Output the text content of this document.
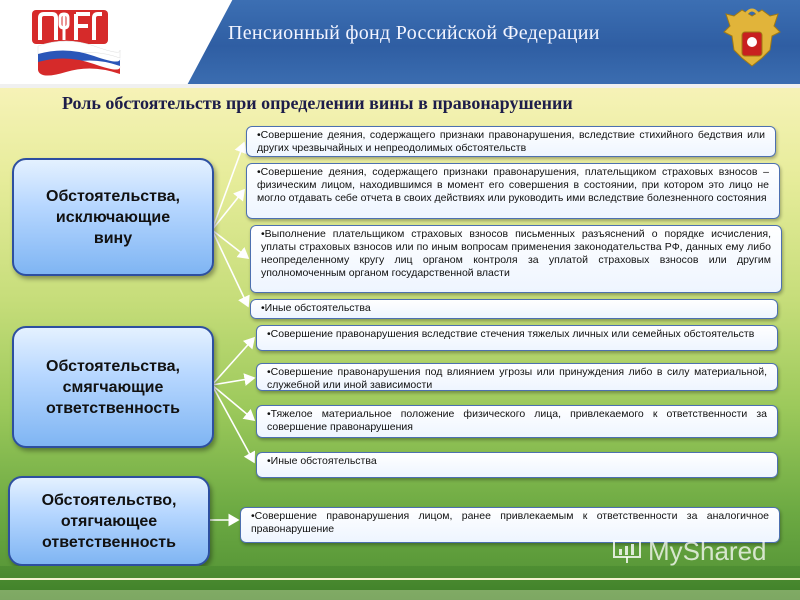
Пенсионный фонд Российской Федерации
Роль обстоятельств при определении вины в правонарушении
Обстоятельства,
исключающие
вину
Обстоятельства,
смягчающие
ответственность
Обстоятельство,
отягчающее
ответственность
•Совершение деяния, содержащего признаки правонарушения, вследствие стихийного бедствия или других чрезвычайных и непреодолимых обстоятельств
•Совершение деяния, содержащего признаки правонарушения, плательщиком страховых взносов – физическим лицом, находившимся в момент его совершения в состоянии, при котором это лицо не могло отдавать себе отчета в своих действиях или руководить ими вследствие болезненного состояния
•Выполнение плательщиком страховых взносов письменных разъяснений о порядке исчисления, уплаты страховых взносов или по иным вопросам применения законодательства РФ, данных ему либо неопределенному кругу лиц органом контроля за уплатой страховых взносов или другим уполномоченным органом государственной власти
•Иные обстоятельства
•Совершение правонарушения вследствие стечения тяжелых личных или семейных обстоятельств
•Совершение правонарушения под влиянием угрозы или принуждения либо в силу материальной, служебной или иной зависимости
•Тяжелое материальное положение физического лица, привлекаемого к ответственности за совершение правонарушения
•Иные обстоятельства
•Совершение правонарушения лицом, ранее привлекаемым к ответственности за аналогичное правонарушение
MyShared
